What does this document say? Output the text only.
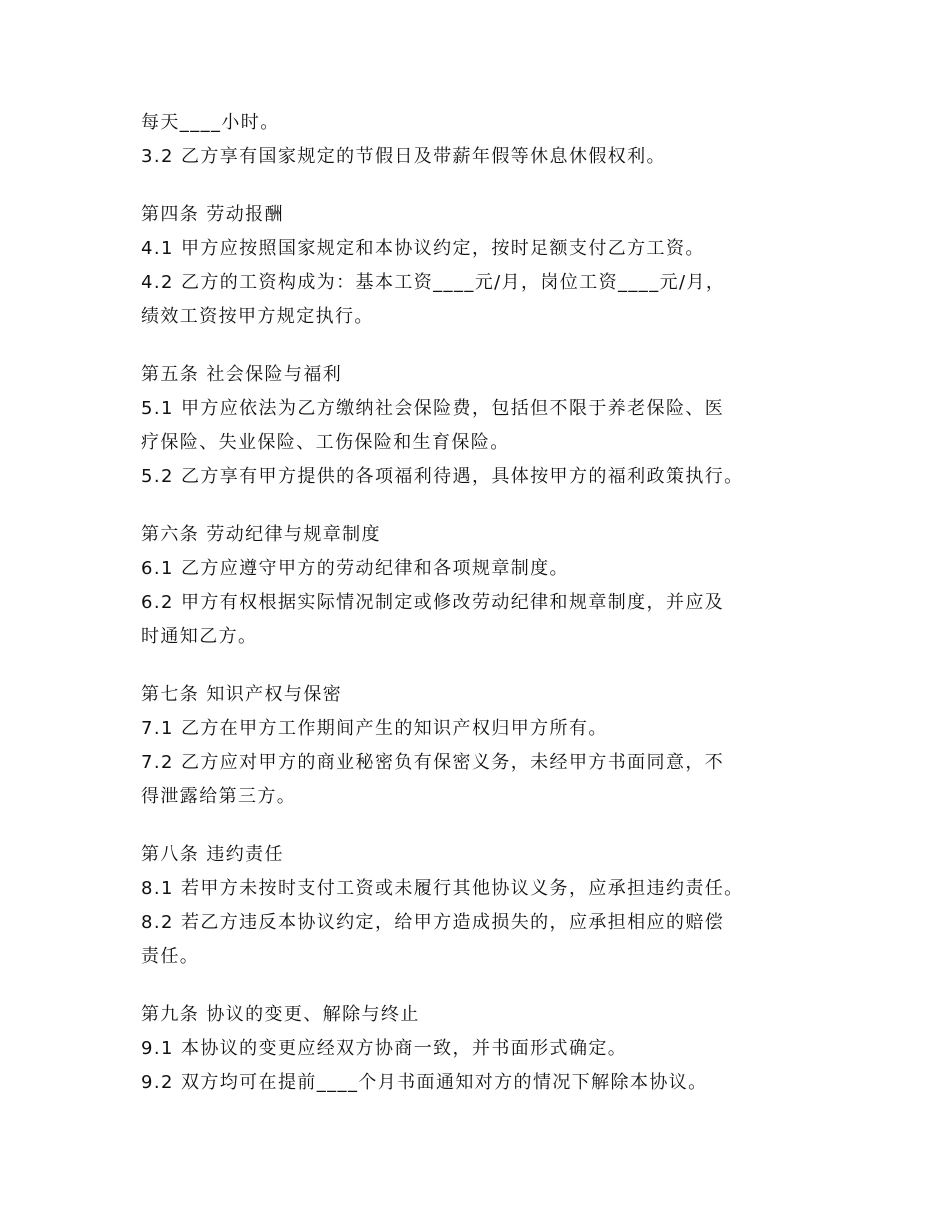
每天____小时。
3.2 乙方享有国家规定的节假日及带薪年假等休息休假权利。
第四条 劳动报酬
4.1 甲方应按照国家规定和本协议约定，按时足额支付乙方工资。
4.2 乙方的工资构成为：基本工资____元/月，岗位工资____元/月，
绩效工资按甲方规定执行。
第五条 社会保险与福利
5.1 甲方应依法为乙方缴纳社会保险费，包括但不限于养老保险、医
疗保险、失业保险、工伤保险和生育保险。
5.2 乙方享有甲方提供的各项福利待遇，具体按甲方的福利政策执行。
第六条 劳动纪律与规章制度
6.1 乙方应遵守甲方的劳动纪律和各项规章制度。
6.2 甲方有权根据实际情况制定或修改劳动纪律和规章制度，并应及
时通知乙方。
第七条 知识产权与保密
7.1 乙方在甲方工作期间产生的知识产权归甲方所有。
7.2 乙方应对甲方的商业秘密负有保密义务，未经甲方书面同意，不
得泄露给第三方。
第八条 违约责任
8.1 若甲方未按时支付工资或未履行其他协议义务，应承担违约责任。
8.2 若乙方违反本协议约定，给甲方造成损失的，应承担相应的赔偿
责任。
第九条 协议的变更、解除与终止
9.1 本协议的变更应经双方协商一致，并书面形式确定。
9.2 双方均可在提前____个月书面通知对方的情况下解除本协议。
